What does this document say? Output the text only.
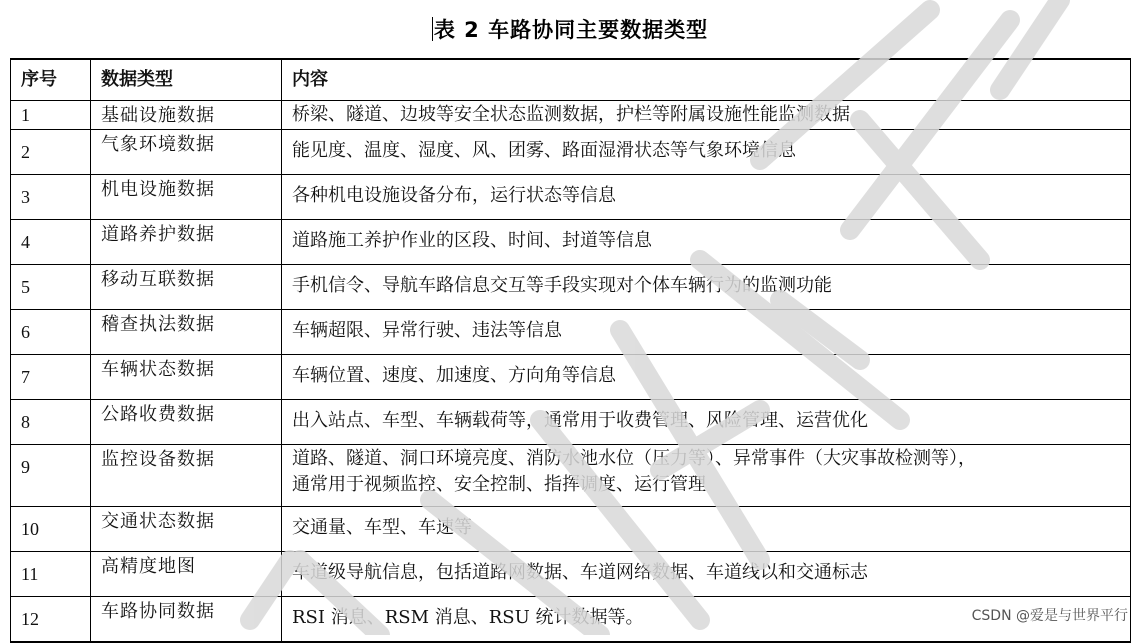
表 2 车路协同主要数据类型
序号	数据类型	内容
1	基础设施数据	桥梁、隧道、边坡等安全状态监测数据，护栏等附属设施性能监测数据
2	气象环境数据	能见度、温度、湿度、风、团雾、路面湿滑状态等气象环境信息
3	机电设施数据	各种机电设施设备分布，运行状态等信息
4	道路养护数据	道路施工养护作业的区段、时间、封道等信息
5	移动互联数据	手机信令、导航车路信息交互等手段实现对个体车辆行为的监测功能
6	稽查执法数据	车辆超限、异常行驶、违法等信息
7	车辆状态数据	车辆位置、速度、加速度、方向角等信息
8	公路收费数据	出入站点、车型、车辆载荷等，通常用于收费管理、风险管理、运营优化
9	监控设备数据	道路、隧道、洞口环境亮度、消防水池水位（压力等）、异常事件（大灾事故检测等），
通常用于视频监控、安全控制、指挥调度、运行管理

10	交通状态数据	交通量、车型、车速等
11	高精度地图	车道级导航信息，包括道路网数据、车道网络数据、车道线以和交通标志
12	车路协同数据	RSI 消息、RSM 消息、RSU 统计数据等。	CSDN @爱是与世界平行
